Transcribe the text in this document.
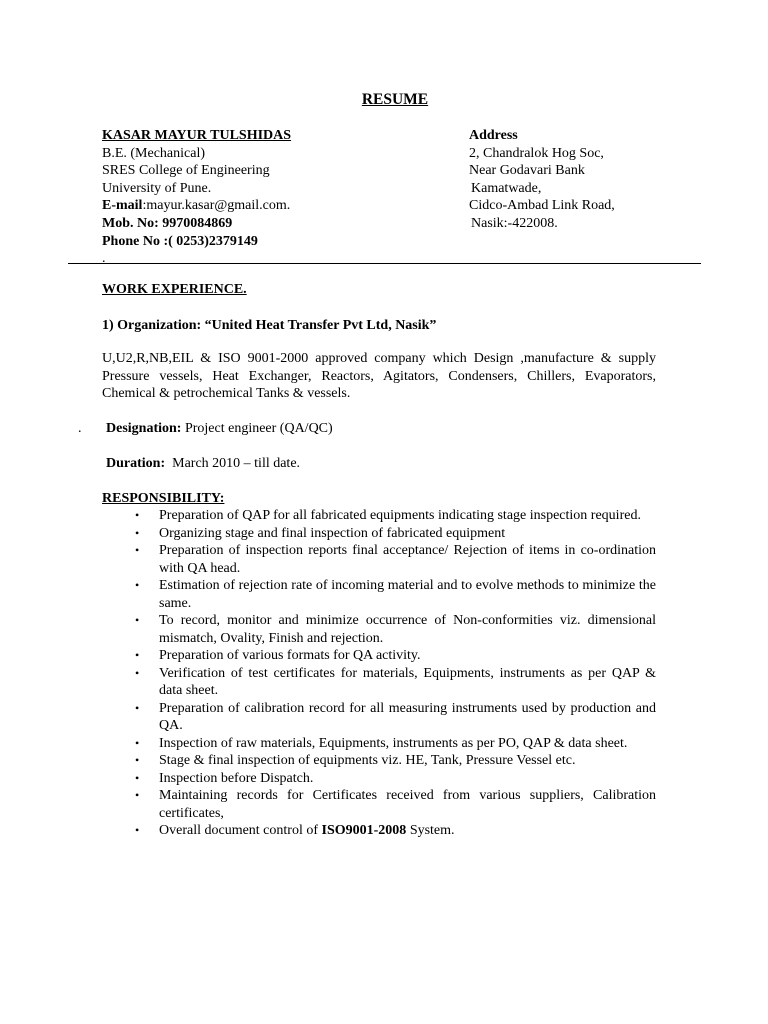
RESUME
KASAR MAYUR TULSHIDAS
B.E. (Mechanical)
SRES College of Engineering
University of Pune.
E-mail:mayur.kasar@gmail.com.
Mob. No: 9970084869
Phone No :( 0253)2379149
.
Address
2, Chandralok Hog Soc,
Near Godavari Bank
Kamatwade,
Cidco-Ambad Link Road,
Nasik:-422008.
WORK EXPERIENCE.
1) Organization: “United Heat Transfer Pvt Ltd, Nasik”
U,U2,R,NB,EIL & ISO 9001-2000 approved company which Design ,manufacture & supply Pressure vessels, Heat Exchanger, Reactors, Agitators, Condensers, Chillers, Evaporators, Chemical & petrochemical Tanks & vessels.
. Designation: Project engineer (QA/QC)
Duration:  March 2010 – till date.
RESPONSIBILITY:
• Preparation of QAP for all fabricated equipments indicating stage inspection required.
• Organizing stage and final inspection of fabricated equipment
• Preparation of inspection reports final acceptance/ Rejection of items in co-ordination with QA head.
• Estimation of rejection rate of incoming material and to evolve methods to minimize the same.
• To record, monitor and minimize occurrence of Non-conformities viz. dimensional mismatch, Ovality, Finish and rejection.
• Preparation of various formats for QA activity.
• Verification of test certificates for materials, Equipments, instruments as per QAP & data sheet.
• Preparation of calibration record for all measuring instruments used by production and QA.
• Inspection of raw materials, Equipments, instruments as per PO, QAP & data sheet.
• Stage & final inspection of equipments viz. HE, Tank, Pressure Vessel etc.
• Inspection before Dispatch.
• Maintaining records for Certificates received from various suppliers, Calibration certificates,
• Overall document control of ISO9001-2008 System.
